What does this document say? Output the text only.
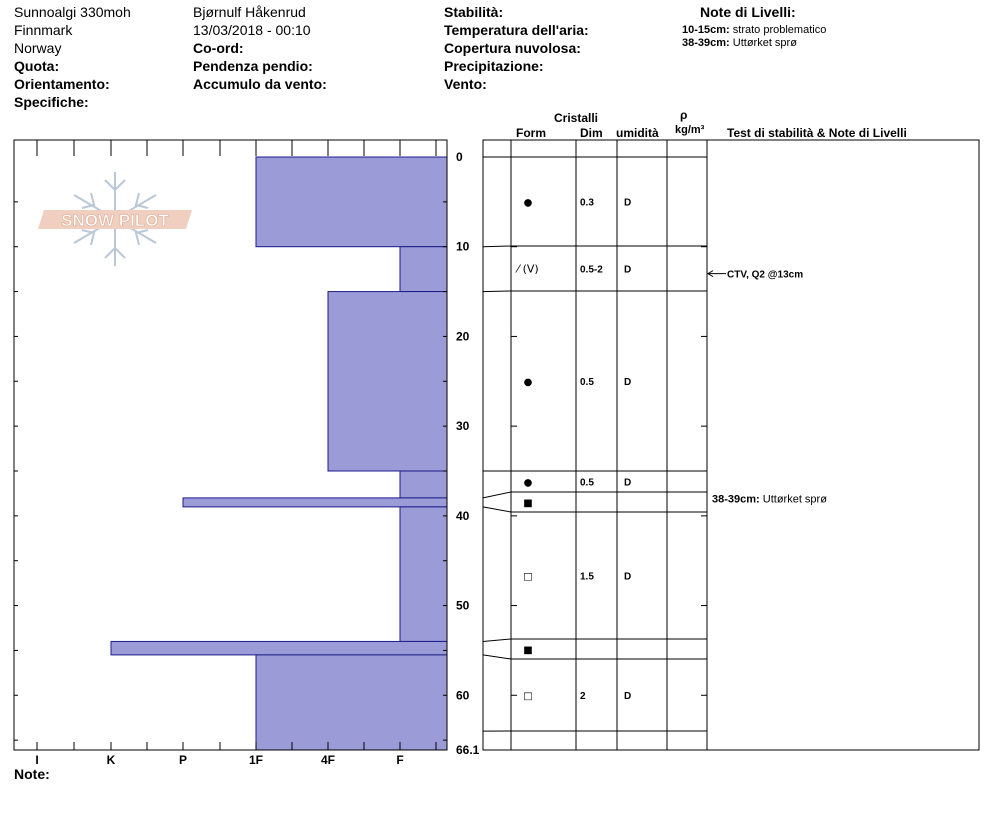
Sunnoalgi 330moh
Finnmark
Norway
Quota:
Orientamento:
Specifiche:
Bjørnulf Håkenrud
13/03/2018 - 00:10
Co-ord:
Pendenza pendio:
Accumulo da vento:
Stabilità:
Temperatura dell'aria:
Copertura nuvolosa:
Precipitazione:
Vento:
Note di Livelli:
10-15cm: strato problematico
38-39cm: Uttørket sprø
Cristalli
Form	Dim umidità
ρ
kg/m³ Test di stabilità & Note di Livelli
Note:
SNOW PILOT
I	K	P	1F	4F	F
0
10
20
30
40
50
60
66.1
●	0.3	D
⁄ (V)	0.5-2 D
●	0.5	D
●	0.5	D
■
□	1.5	D
■
□	2	D
CTV, Q2 @13cm
38-39cm: Uttørket sprø
